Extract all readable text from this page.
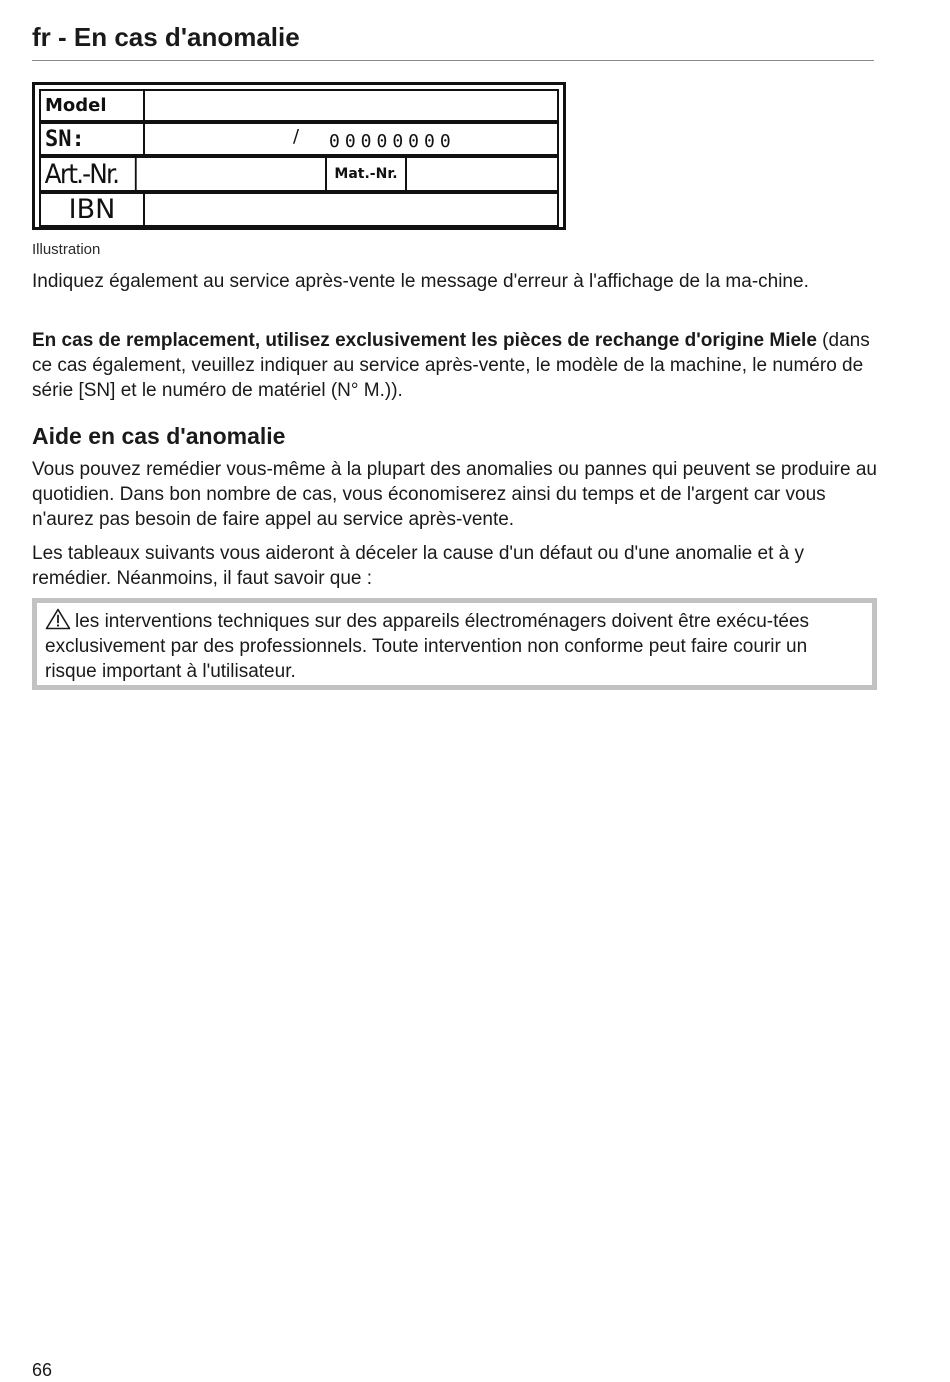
fr - En cas d'anomalie
Model
SN:	/ 00000000
Art.-Nr.	Mat.-Nr.
IBN
Illustration

Indiquez également au service après-vente le message d'erreur à l'affichage de la ma-chine.

En cas de remplacement, utilisez exclusivement les pièces de rechange d'origine Miele (dans ce cas également, veuillez indiquer au service après-vente, le modèle de la machine, le numéro de série [SN] et le numéro de matériel (N° M.)).

Aide en cas d'anomalie

Vous pouvez remédier vous-même à la plupart des anomalies ou pannes qui peuvent se produire au quotidien. Dans bon nombre de cas, vous économiserez ainsi du temps et de l'argent car vous n'aurez pas besoin de faire appel au service après-vente.

Les tableaux suivants vous aideront à déceler la cause d'un défaut ou d'une anomalie et à y remédier. Néanmoins, il faut savoir que :

les interventions techniques sur des appareils électroménagers doivent être exécu-tées exclusivement par des professionnels. Toute intervention non conforme peut faire courir un risque important à l'utilisateur.
66
